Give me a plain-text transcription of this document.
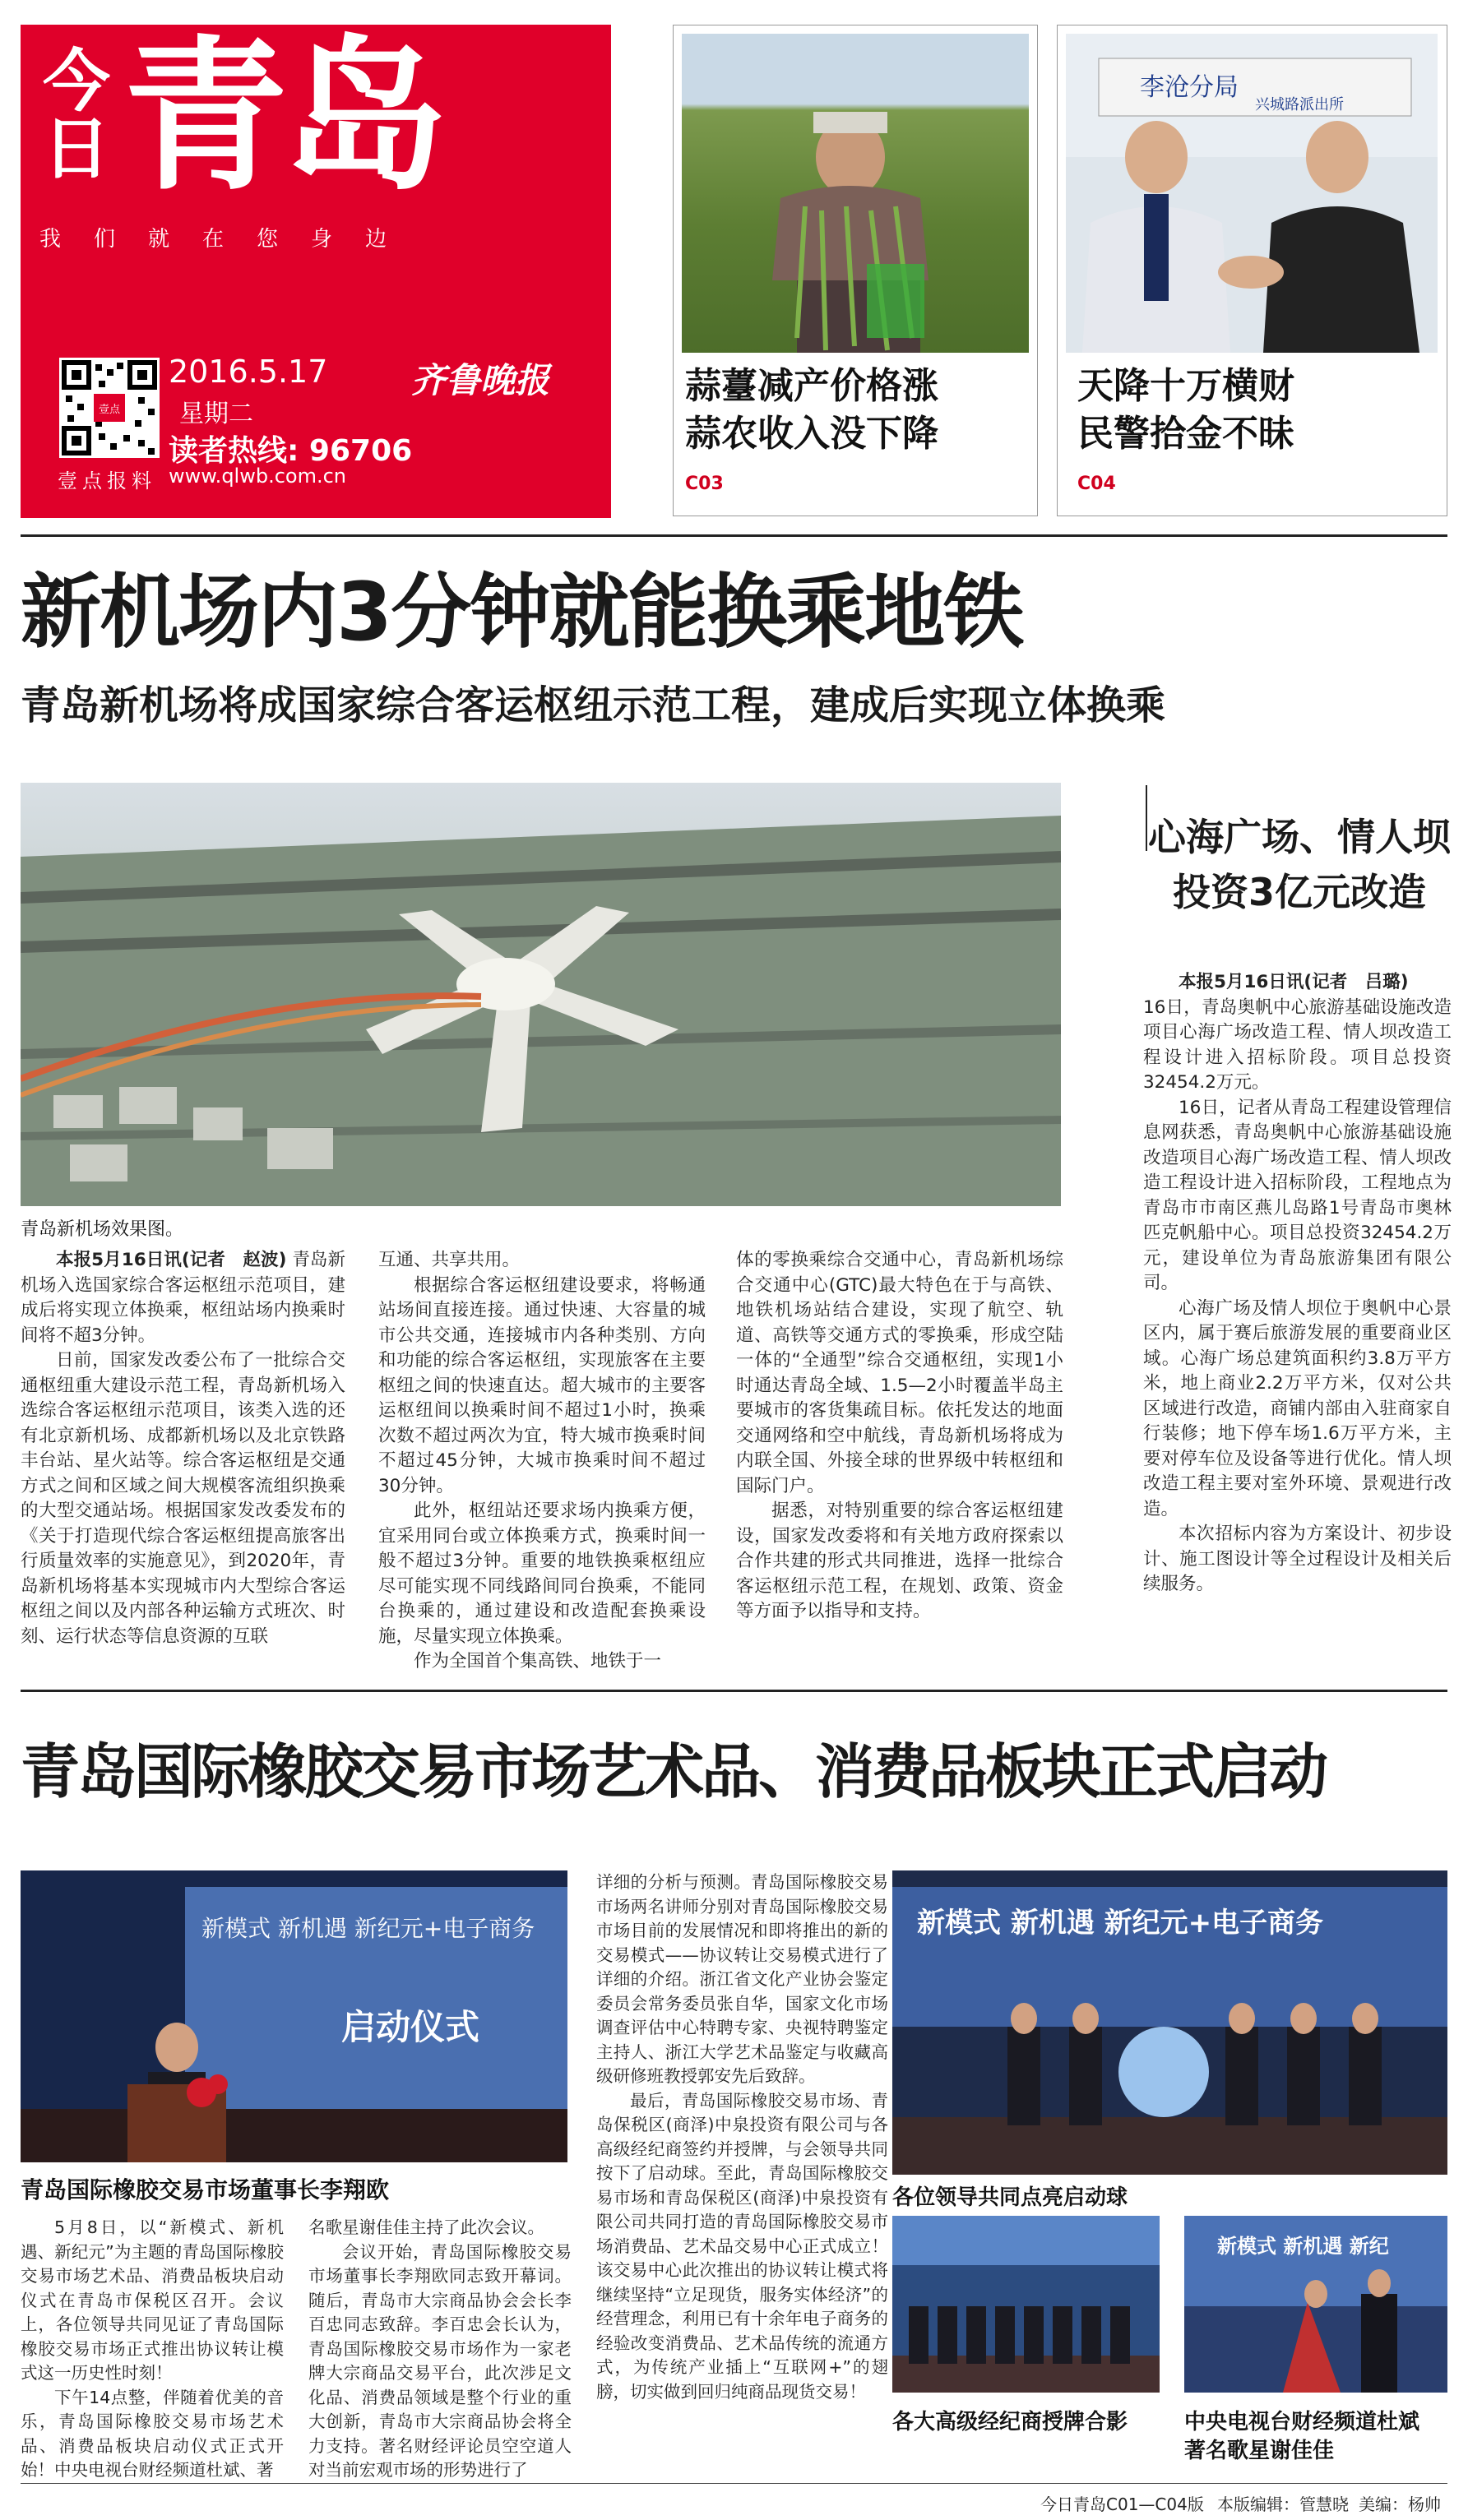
今
日 青岛
我们就在您身边
壹点
壹点报料
2016.5.17
星期二
齐鲁晚报
读者热线: 96706
www.qlwb.com.cn
蒜薹减产价格涨
蒜农收入没下降
C03
李沧分局
兴城路派出所
天降十万横财
民警拾金不昧
C04
新机场内3分钟就能换乘地铁
青岛新机场将成国家综合客运枢纽示范工程，建成后实现立体换乘
青岛新机场效果图。

本报5月16日讯(记者　赵波) 青岛新机场入选国家综合客运枢纽示范项目，建成后将实现立体换乘，枢纽站场内换乘时间将不超3分钟。

日前，国家发改委公布了一批综合交通枢纽重大建设示范工程，青岛新机场入选综合客运枢纽示范项目，该类入选的还有北京新机场、成都新机场以及北京铁路丰台站、星火站等。综合客运枢纽是交通方式之间和区域之间大规模客流组织换乘的大型交通站场。根据国家发改委发布的《关于打造现代综合客运枢纽提高旅客出行质量效率的实施意见》，到2020年，青岛新机场将基本实现城市内大型综合客运枢纽之间以及内部各种运输方式班次、时刻、运行状态等信息资源的互联

互通、共享共用。

根据综合客运枢纽建设要求，将畅通站场间直接连接。通过快速、大容量的城市公共交通，连接城市内各种类别、方向和功能的综合客运枢纽，实现旅客在主要枢纽之间的快速直达。超大城市的主要客运枢纽间以换乘时间不超过1小时，换乘次数不超过两次为宜，特大城市换乘时间不超过45分钟，大城市换乘时间不超过30分钟。

此外，枢纽站还要求场内换乘方便，宜采用同台或立体换乘方式，换乘时间一般不超过3分钟。重要的地铁换乘枢纽应尽可能实现不同线路间同台换乘，不能同台换乘的，通过建设和改造配套换乘设施，尽量实现立体换乘。

作为全国首个集高铁、地铁于一

体的零换乘综合交通中心，青岛新机场综合交通中心(GTC)最大特色在于与高铁、地铁机场站结合建设，实现了航空、轨道、高铁等交通方式的零换乘，形成空陆一体的“全通型”综合交通枢纽，实现1小时通达青岛全域、1.5—2小时覆盖半岛主要城市的客货集疏目标。依托发达的地面交通网络和空中航线，青岛新机场将成为内联全国、外接全球的世界级中转枢纽和国际门户。

据悉，对特别重要的综合客运枢纽建设，国家发改委将和有关地方政府探索以合作共建的形式共同推进，选择一批综合客运枢纽示范工程，在规划、政策、资金等方面予以指导和支持。

心海广场、情人坝
投资3亿元改造

本报5月16日讯(记者　吕璐)

16日，青岛奥帆中心旅游基础设施改造项目心海广场改造工程、情人坝改造工程设计进入招标阶段。项目总投资32454.2万元。

16日，记者从青岛工程建设管理信息网获悉，青岛奥帆中心旅游基础设施改造项目心海广场改造工程、情人坝改造工程设计进入招标阶段，工程地点为青岛市市南区燕儿岛路1号青岛市奥林匹克帆船中心。项目总投资32454.2万元，建设单位为青岛旅游集团有限公司。

心海广场及情人坝位于奥帆中心景区内，属于赛后旅游发展的重要商业区域。心海广场总建筑面积约3.8万平方米，地上商业2.2万平方米，仅对公共区域进行改造，商铺内部由入驻商家自行装修；地下停车场1.6万平方米，主要对停车位及设备等进行优化。情人坝改造工程主要对室外环境、景观进行改造。

本次招标内容为方案设计、初步设计、施工图设计等全过程设计及相关后续服务。

青岛国际橡胶交易市场艺术品、消费品板块正式启动
新模式 新机遇 新纪元+电子商务
启动仪式
青岛国际橡胶交易市场董事长李翔欧

5月8日，以“新模式、新机遇、新纪元”为主题的青岛国际橡胶交易市场艺术品、消费品板块启动仪式在青岛市保税区召开。会议上，各位领导共同见证了青岛国际橡胶交易市场正式推出协议转让模式这一历史性时刻！

下午14点整，伴随着优美的音乐，青岛国际橡胶交易市场艺术品、消费品板块启动仪式正式开始！中央电视台财经频道杜斌、著

名歌星谢佳佳主持了此次会议。

会议开始，青岛国际橡胶交易市场董事长李翔欧同志致开幕词。随后，青岛市大宗商品协会会长李百忠同志致辞。李百忠会长认为，青岛国际橡胶交易市场作为一家老牌大宗商品交易平台，此次涉足文化品、消费品领域是整个行业的重大创新，青岛市大宗商品协会将全力支持。著名财经评论员空空道人对当前宏观市场的形势进行了

详细的分析与预测。青岛国际橡胶交易市场两名讲师分别对青岛国际橡胶交易市场目前的发展情况和即将推出的新的交易模式——协议转让交易模式进行了详细的介绍。浙江省文化产业协会鉴定委员会常务委员张自华，国家文化市场调查评估中心特聘专家、央视特聘鉴定主持人、浙江大学艺术品鉴定与收藏高级研修班教授郭安先后致辞。

最后，青岛国际橡胶交易市场、青岛保税区(商泽)中泉投资有限公司与各高级经纪商签约并授牌，与会领导共同按下了启动球。至此，青岛国际橡胶交易市场和青岛保税区(商泽)中泉投资有限公司共同打造的青岛国际橡胶交易市场消费品、艺术品交易中心正式成立！该交易中心此次推出的协议转让模式将继续坚持“立足现货，服务实体经济”的经营理念，利用已有十余年电子商务的经验改变消费品、艺术品传统的流通方式，为传统产业插上“互联网+”的翅膀，切实做到回归纯商品现货交易！

新模式 新机遇 新纪元+电子商务
各位领导共同点亮启动球
各大高级经纪商授牌合影
新模式 新机遇 新纪
中央电视台财经频道杜斌
著名歌星谢佳佳
今日青岛C01—C04版 本版编辑：管慧晓 美编：杨帅
